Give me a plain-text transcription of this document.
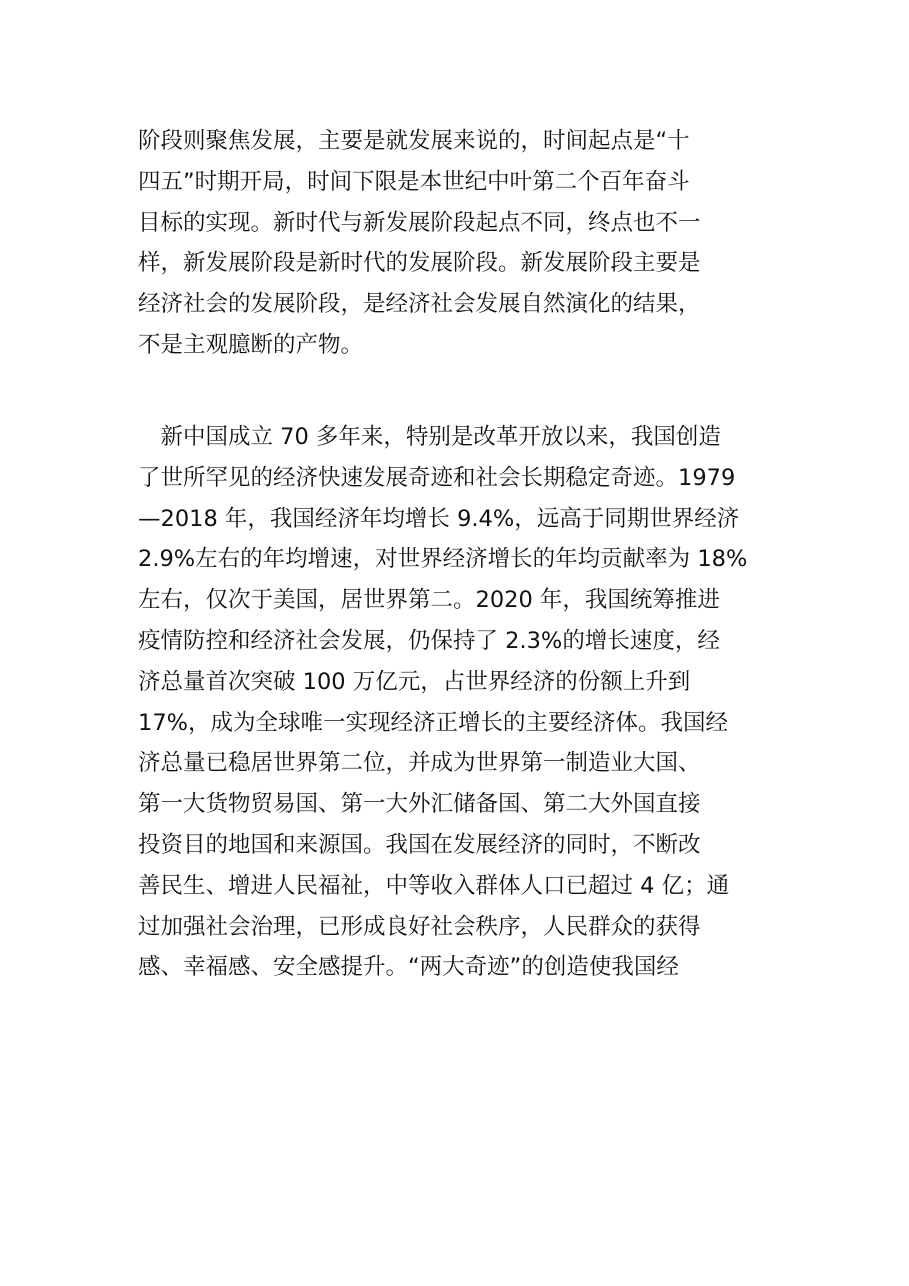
阶段则聚焦发展，主要是就发展来说的，时间起点是“十
四五”时期开局，时间下限是本世纪中叶第二个百年奋斗
目标的实现。新时代与新发展阶段起点不同，终点也不一
样，新发展阶段是新时代的发展阶段。新发展阶段主要是
经济社会的发展阶段，是经济社会发展自然演化的结果，
不是主观臆断的产物。
　新中国成立 70 多年来，特别是改革开放以来，我国创造
了世所罕见的经济快速发展奇迹和社会长期稳定奇迹。1979
—2018 年，我国经济年均增长 9.4%，远高于同期世界经济
2.9%左右的年均增速，对世界经济增长的年均贡献率为 18%
左右，仅次于美国，居世界第二。2020 年，我国统筹推进
疫情防控和经济社会发展，仍保持了 2.3%的增长速度，经
济总量首次突破 100 万亿元，占世界经济的份额上升到
17%，成为全球唯一实现经济正增长的主要经济体。我国经
济总量已稳居世界第二位，并成为世界第一制造业大国、
第一大货物贸易国、第一大外汇储备国、第二大外国直接
投资目的地国和来源国。我国在发展经济的同时，不断改
善民生、增进人民福祉，中等收入群体人口已超过 4 亿；通
过加强社会治理，已形成良好社会秩序，人民群众的获得
感、幸福感、安全感提升。“两大奇迹”的创造使我国经
